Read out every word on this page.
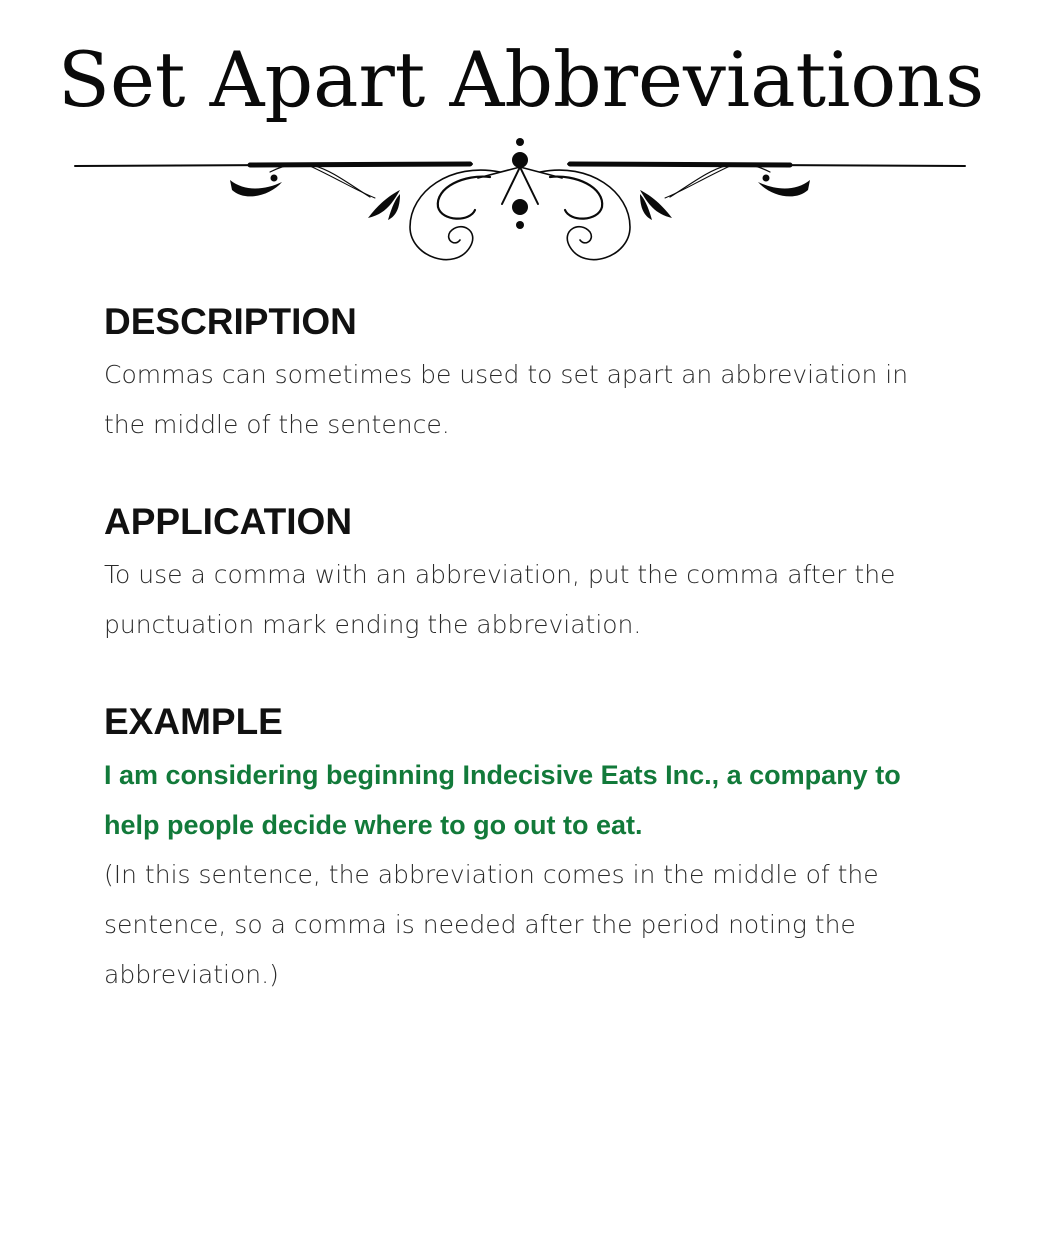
Set Apart Abbreviations
DESCRIPTION

Commas can sometimes be used to set apart an abbreviation in the middle of the sentence.

APPLICATION

To use a comma with an abbreviation, put the comma after the punctuation mark ending the abbreviation.

EXAMPLE

I am considering beginning Indecisive Eats Inc., a company to help people decide where to go out to eat.

(In this sentence, the abbreviation comes in the middle of the sentence, so a comma is needed after the period noting the abbreviation.)
